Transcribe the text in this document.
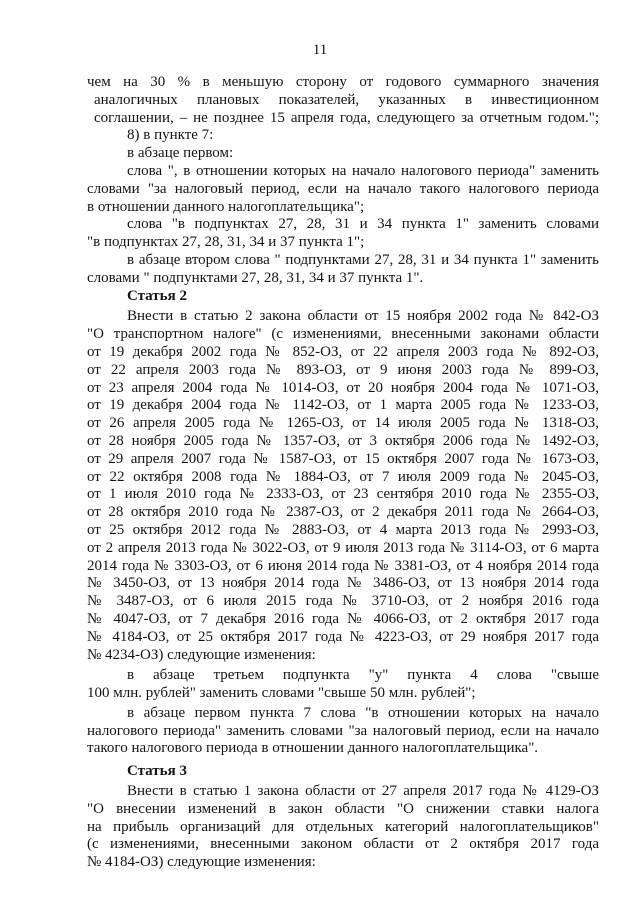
11
чем на 30 % в меньшую сторону от годового суммарного значения
аналогичных плановых показателей, указанных в инвестиционном
соглашении, – не позднее 15 апреля года, следующего за отчетным годом.";
8) в пункте 7:
в абзаце первом:
слова ", в отношении которых на начало налогового периода" заменить
словами "за налоговый период, если на начало такого налогового периода
в отношении данного налогоплательщика";
слова "в подпунктах 27, 28, 31 и 34 пункта 1" заменить словами
"в подпунктах 27, 28, 31, 34 и 37 пункта 1";
в абзаце втором слова " подпунктами 27, 28, 31 и 34 пункта 1" заменить
словами " подпунктами 27, 28, 31, 34 и 37 пункта 1".
Статья 2
Внести в статью 2 закона области от 15 ноября 2002 года № 842-ОЗ
"О транспортном налоге" (с изменениями, внесенными законами области
от 19 декабря 2002 года № 852-ОЗ, от 22 апреля 2003 года № 892-ОЗ,
от 22 апреля 2003 года № 893-ОЗ, от 9 июня 2003 года № 899-ОЗ,
от 23 апреля 2004 года № 1014-ОЗ, от 20 ноября 2004 года № 1071-ОЗ,
от 19 декабря 2004 года № 1142-ОЗ, от 1 марта 2005 года № 1233-ОЗ,
от 26 апреля 2005 года № 1265-ОЗ, от 14 июля 2005 года № 1318-ОЗ,
от 28 ноября 2005 года № 1357-ОЗ, от 3 октября 2006 года № 1492-ОЗ,
от 29 апреля 2007 года № 1587-ОЗ, от 15 октября 2007 года № 1673-ОЗ,
от 22 октября 2008 года № 1884-ОЗ, от 7 июля 2009 года № 2045-ОЗ,
от 1 июля 2010 года № 2333-ОЗ, от 23 сентября 2010 года № 2355-ОЗ,
от 28 октября 2010 года № 2387-ОЗ, от 2 декабря 2011 года № 2664-ОЗ,
от 25 октября 2012 года № 2883-ОЗ, от 4 марта 2013 года № 2993-ОЗ,
от 2 апреля 2013 года № 3022-ОЗ, от 9 июля 2013 года № 3114-ОЗ, от 6 марта
2014 года № 3303-ОЗ, от 6 июня 2014 года № 3381-ОЗ, от 4 ноября 2014 года
№ 3450-ОЗ, от 13 ноября 2014 года № 3486-ОЗ, от 13 ноября 2014 года
№ 3487-ОЗ, от 6 июля 2015 года № 3710-ОЗ, от 2 ноября 2016 года
№ 4047-ОЗ, от 7 декабря 2016 года № 4066-ОЗ, от 2 октября 2017 года
№ 4184-ОЗ, от 25 октября 2017 года № 4223-ОЗ, от 29 ноября 2017 года
№ 4234-ОЗ) следующие изменения:
в абзаце третьем подпункта "у" пункта 4 слова "свыше
100 млн. рублей" заменить словами "свыше 50 млн. рублей";
в абзаце первом пункта 7 слова "в отношении которых на начало
налогового периода" заменить словами "за налоговый период, если на начало
такого налогового периода в отношении данного налогоплательщика".
Статья 3
Внести в статью 1 закона области от 27 апреля 2017 года № 4129-ОЗ
"О внесении изменений в закон области "О снижении ставки налога
на прибыль организаций для отдельных категорий налогоплательщиков"
(с изменениями, внесенными законом области от 2 октября 2017 года
№ 4184-ОЗ) следующие изменения:
